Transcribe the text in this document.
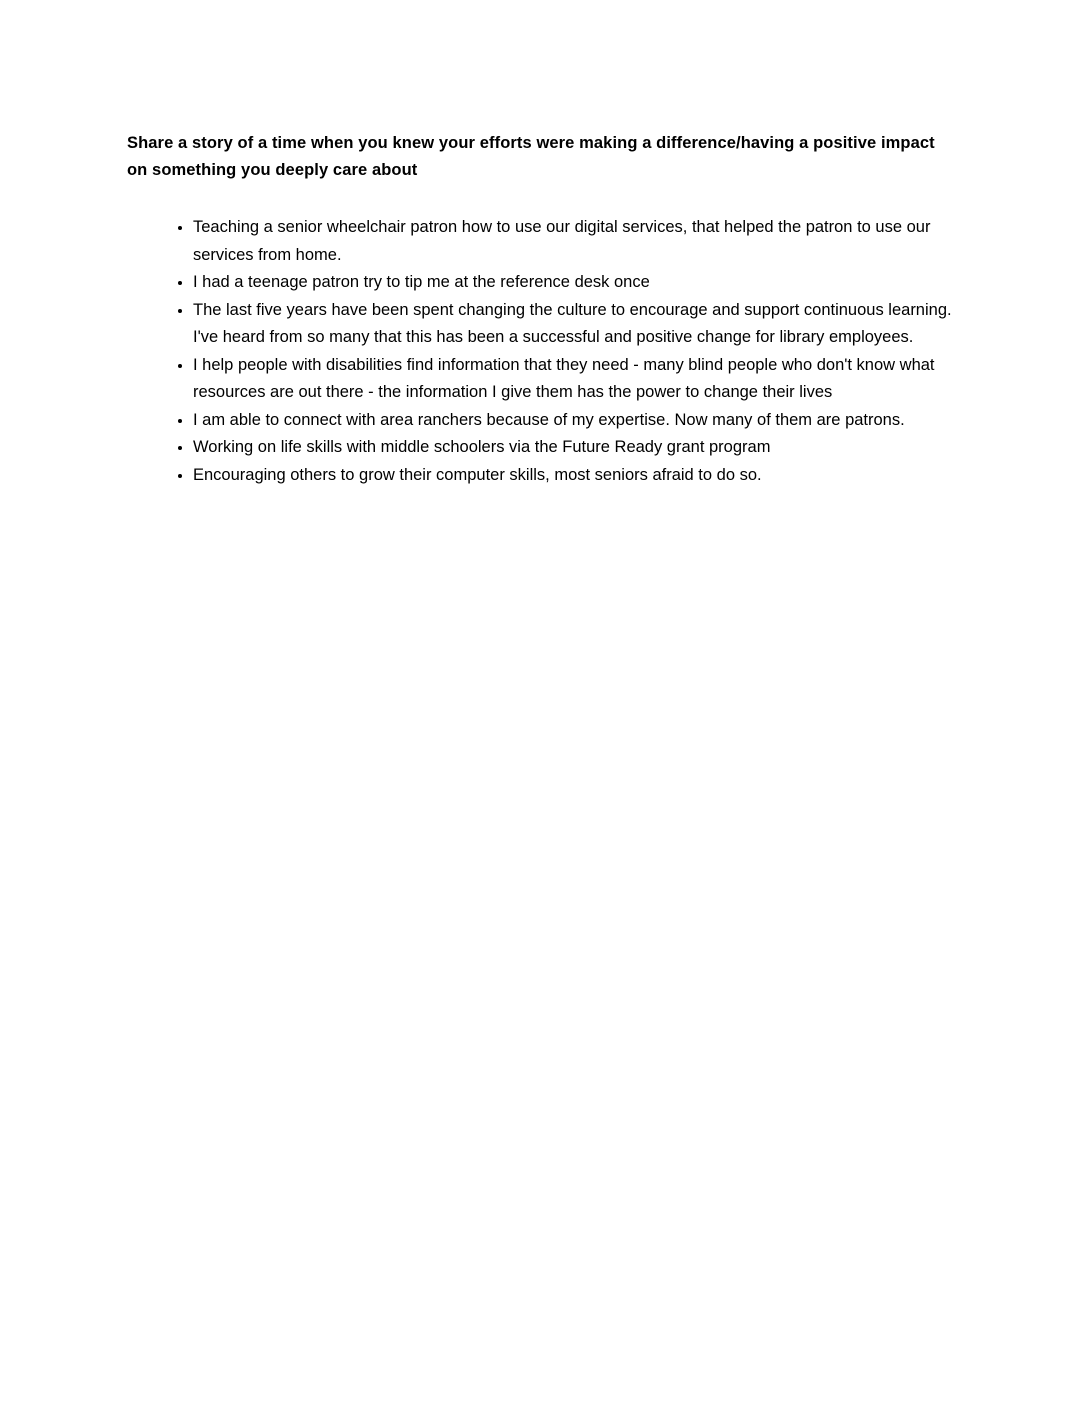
Share a story of a time when you knew your efforts were making a difference/having a positive impact on something you deeply care about
• Teaching a senior wheelchair patron how to use our digital services, that helped the patron to use our services from home.
• I had a teenage patron try to tip me at the reference desk once
• The last five years have been spent changing the culture to encourage and support continuous learning. I've heard from so many that this has been a successful and positive change for library employees.
• I help people with disabilities find information that they need - many blind people who don't know what resources are out there - the information I give them has the power to change their lives
• I am able to connect with area ranchers because of my expertise. Now many of them are patrons.
• Working on life skills with middle schoolers via the Future Ready grant program
• Encouraging others to grow their computer skills, most seniors afraid to do so.
